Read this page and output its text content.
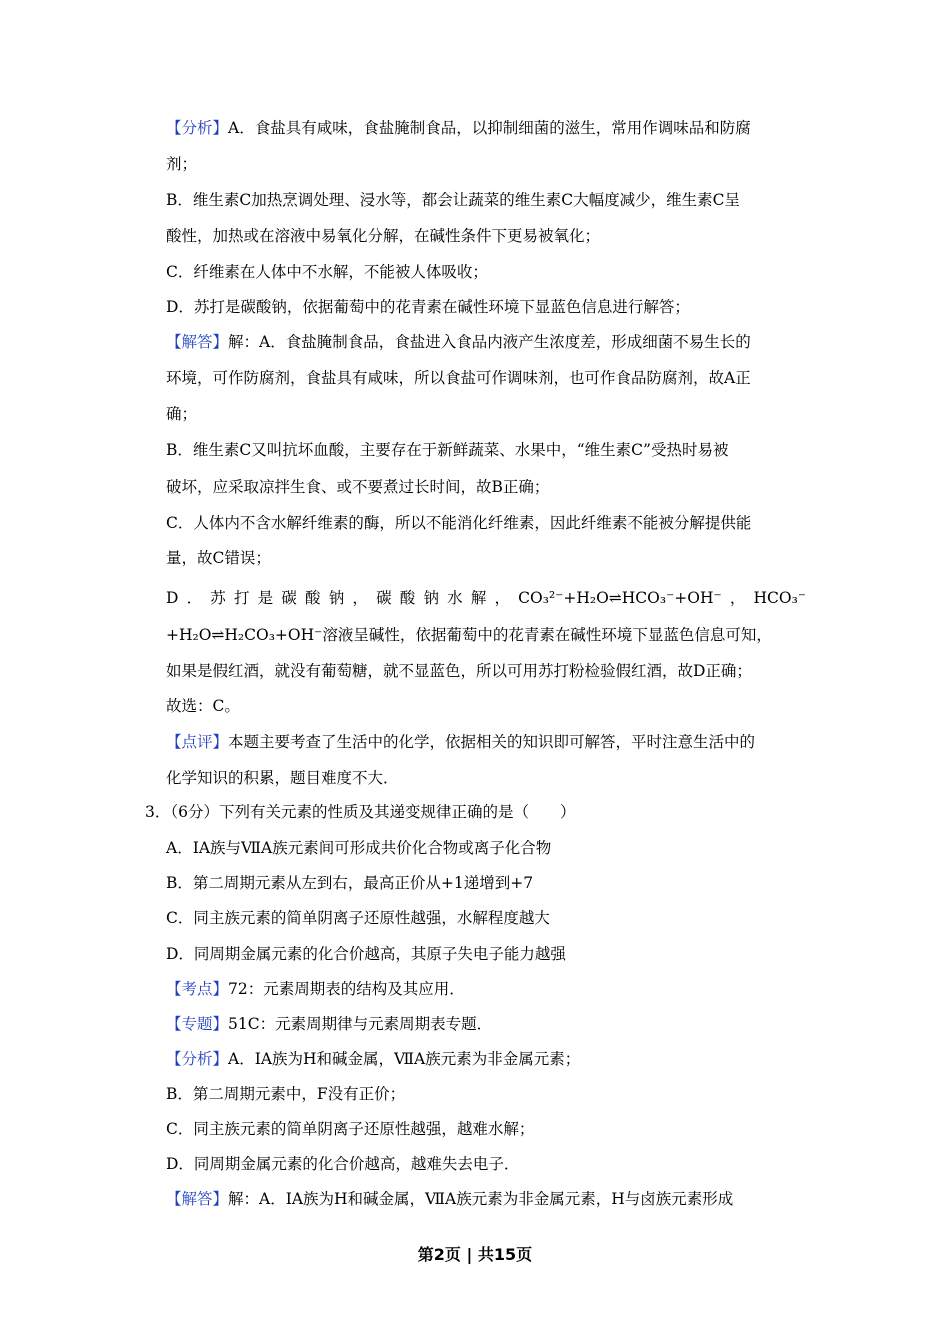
【分析】A．食盐具有咸味，食盐腌制食品，以抑制细菌的滋生，常用作调味品和防腐
剂；
B．维生素C加热烹调处理、浸水等，都会让蔬菜的维生素C大幅度减少，维生素C呈
酸性，加热或在溶液中易氧化分解，在碱性条件下更易被氧化；
C．纤维素在人体中不水解，不能被人体吸收；
D．苏打是碳酸钠，依据葡萄中的花青素在碱性环境下显蓝色信息进行解答；
【解答】解：A．食盐腌制食品，食盐进入食品内液产生浓度差，形成细菌不易生长的
环境，可作防腐剂，食盐具有咸味，所以食盐可作调味剂，也可作食品防腐剂，故A正
确；
B．维生素C又叫抗坏血酸，主要存在于新鲜蔬菜、水果中，“维生素C”受热时易被
破坏，应采取凉拌生食、或不要煮过长时间，故B正确；
C．人体内不含水解纤维素的酶，所以不能消化纤维素，因此纤维素不能被分解提供能
量，故C错误；
D．苏打是碳酸钠，碳酸钠水解，CO₃²⁻+H₂O⇌HCO₃⁻+OH⁻，HCO₃⁻
+H₂O⇌H₂CO₃+OH⁻溶液呈碱性，依据葡萄中的花青素在碱性环境下显蓝色信息可知，
如果是假红酒，就没有葡萄糖，就不显蓝色，所以可用苏打粉检验假红酒，故D正确；
故选：C。
【点评】本题主要考查了生活中的化学，依据相关的知识即可解答，平时注意生活中的
化学知识的积累，题目难度不大．
3．（6分）下列有关元素的性质及其递变规律正确的是（　　）
A．ⅠA族与ⅦA族元素间可形成共价化合物或离子化合物
B．第二周期元素从左到右，最高正价从+1递增到+7
C．同主族元素的简单阴离子还原性越强，水解程度越大
D．同周期金属元素的化合价越高，其原子失电子能力越强
【考点】72：元素周期表的结构及其应用．
【专题】51C：元素周期律与元素周期表专题．
【分析】A．ⅠA族为H和碱金属，ⅦA族元素为非金属元素；
B．第二周期元素中，F没有正价；
C．同主族元素的简单阴离子还原性越强，越难水解；
D．同周期金属元素的化合价越高，越难失去电子．
【解答】解：A．ⅠA族为H和碱金属，ⅦA族元素为非金属元素，H与卤族元素形成
第2页 | 共15页
